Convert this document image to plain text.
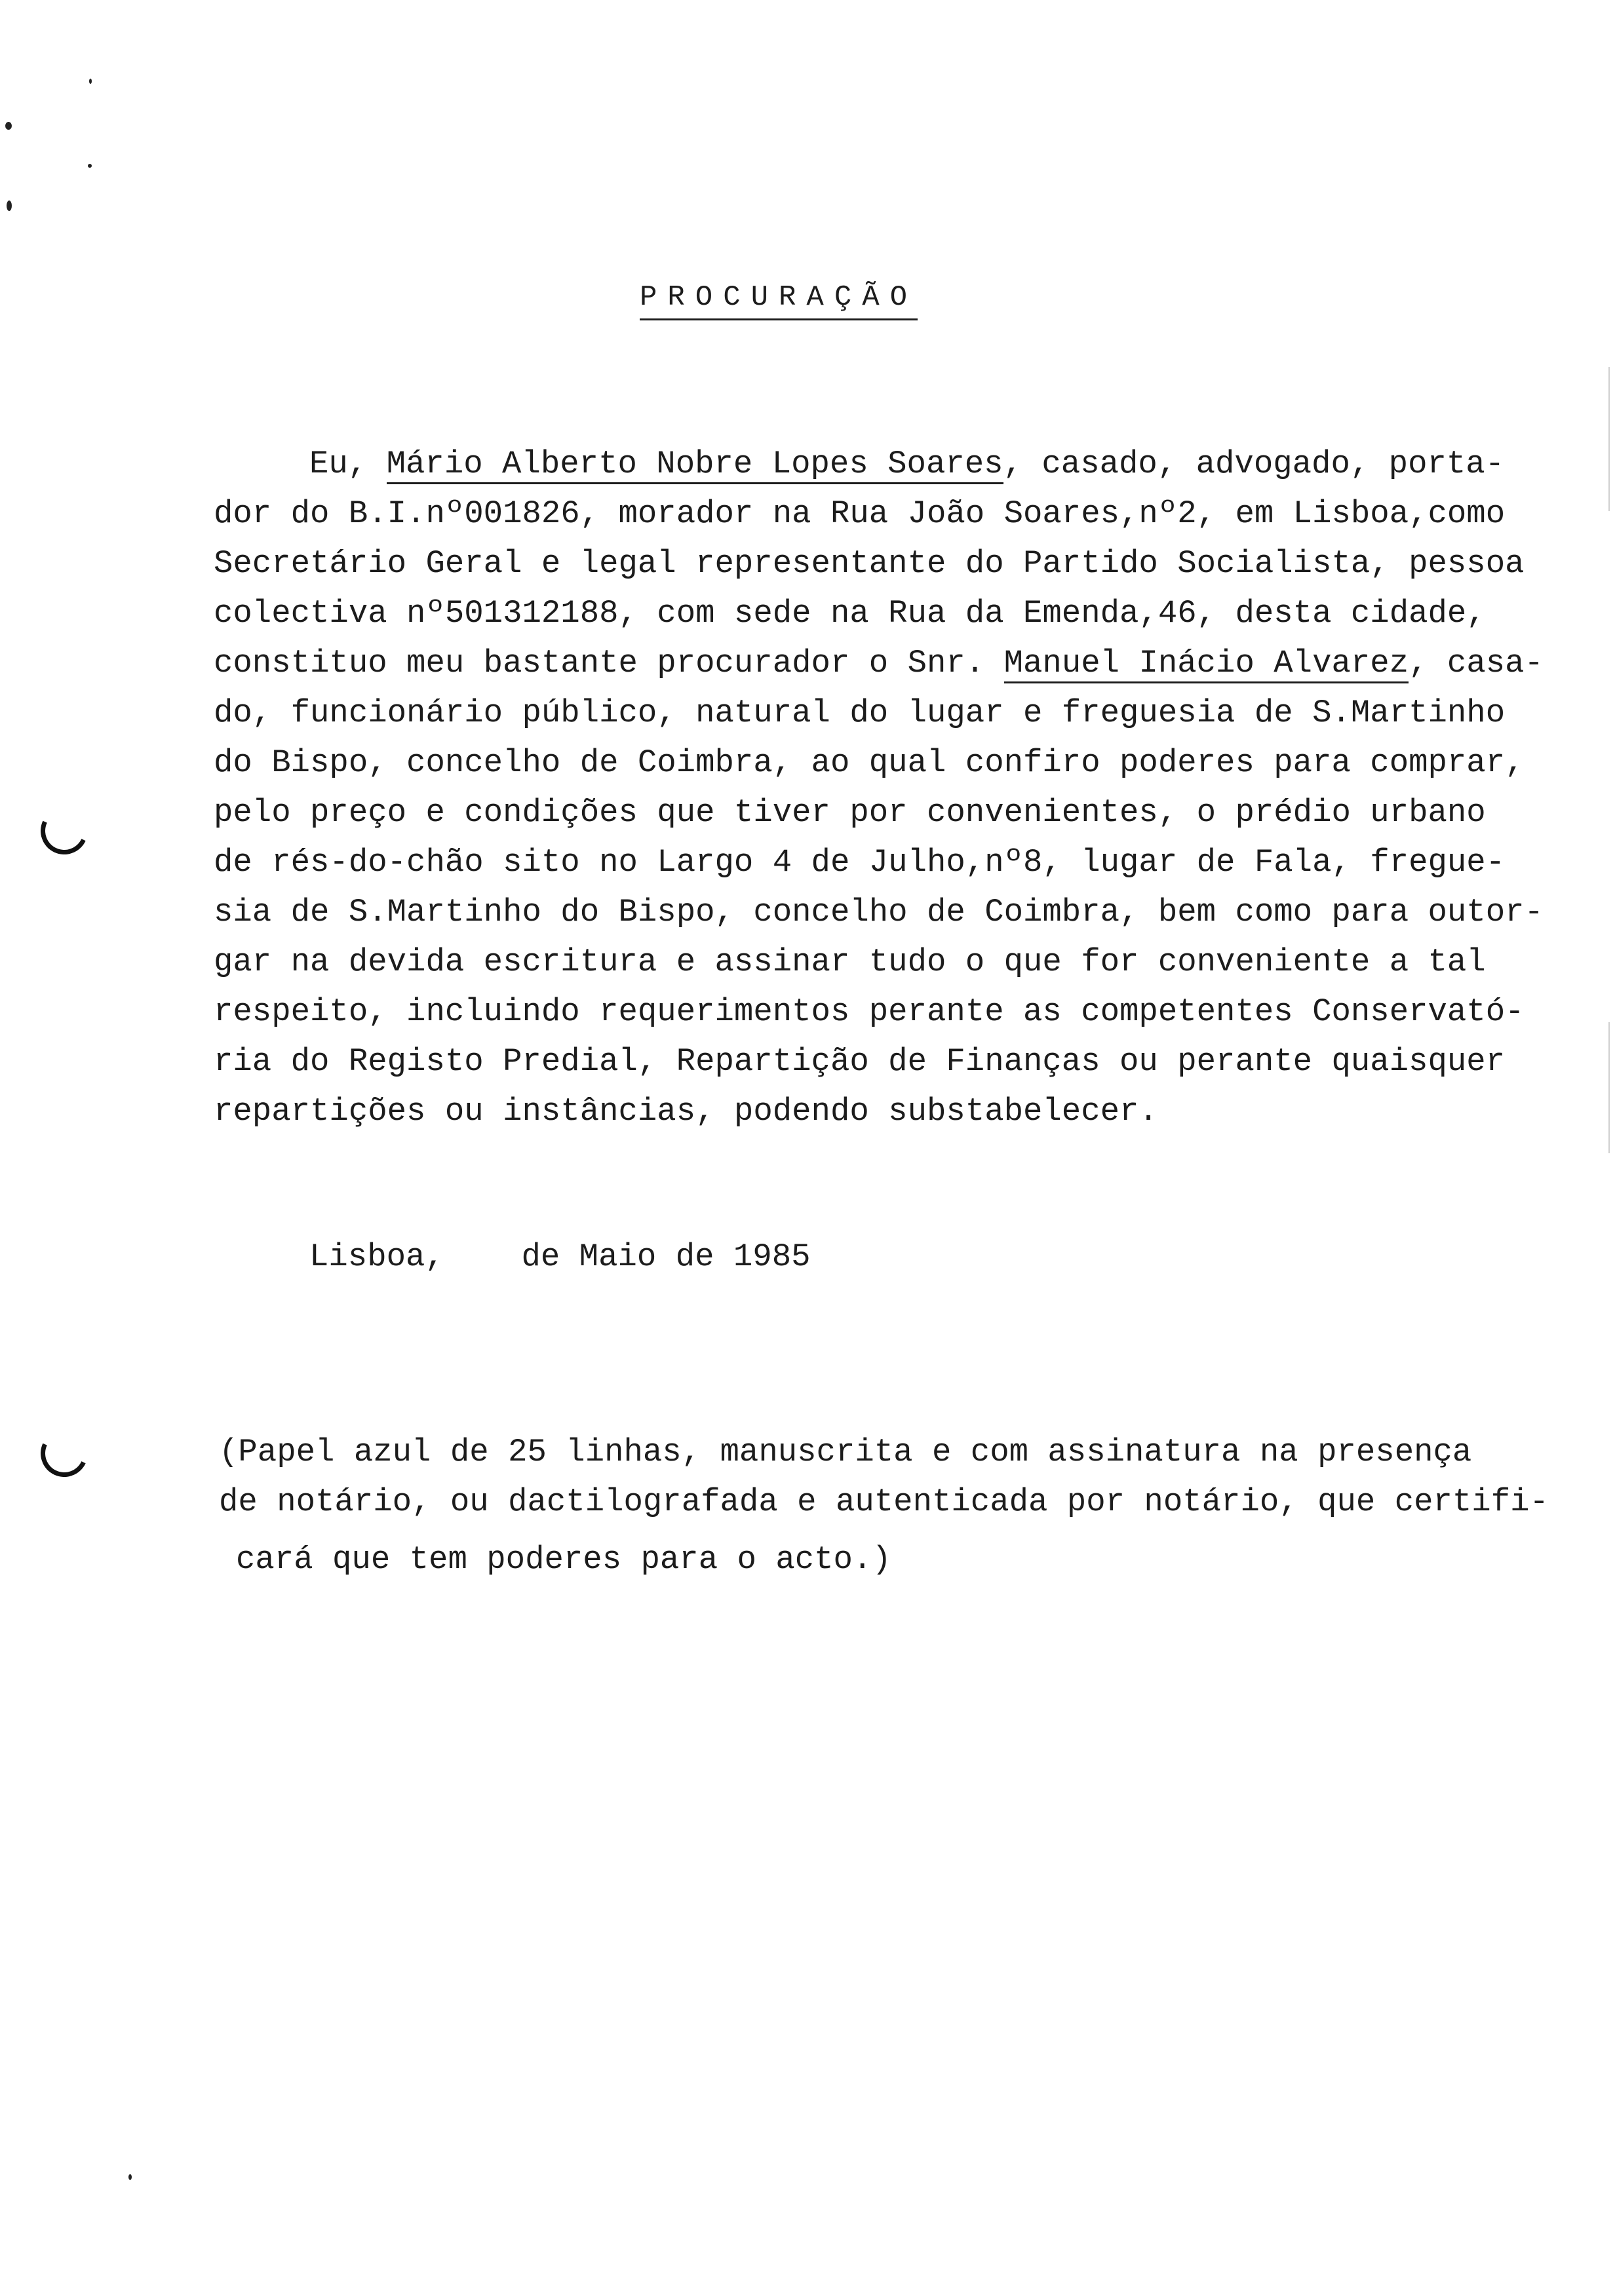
PROCURAÇÃO

Eu, Mário Alberto Nobre Lopes Soares, casado, advogado, porta-

dor do B.I.nº001826, morador na Rua João Soares,nº2, em Lisboa,como

Secretário Geral e legal representante do Partido Socialista, pessoa

colectiva nº501312188, com sede na Rua da Emenda,46, desta cidade,

constituo meu bastante procurador o Snr. Manuel Inácio Alvarez, casa-

do, funcionário público, natural do lugar e freguesia de S.Martinho

do Bispo, concelho de Coimbra, ao qual confiro poderes para comprar,

pelo preço e condições que tiver por convenientes, o prédio urbano

de rés-do-chão sito no Largo 4 de Julho,nº8, lugar de Fala, fregue-

sia de S.Martinho do Bispo, concelho de Coimbra, bem como para outor-

gar na devida escritura e assinar tudo o que for conveniente a tal

respeito, incluindo requerimentos perante as competentes Conservató-

ria do Registo Predial, Repartição de Finanças ou perante quaisquer

repartições ou instâncias, podendo substabelecer.

Lisboa,    de Maio de 1985

(Papel azul de 25 linhas, manuscrita e com assinatura na presença

de notário, ou dactilografada e autenticada por notário, que certifi-

cará que tem poderes para o acto.)
